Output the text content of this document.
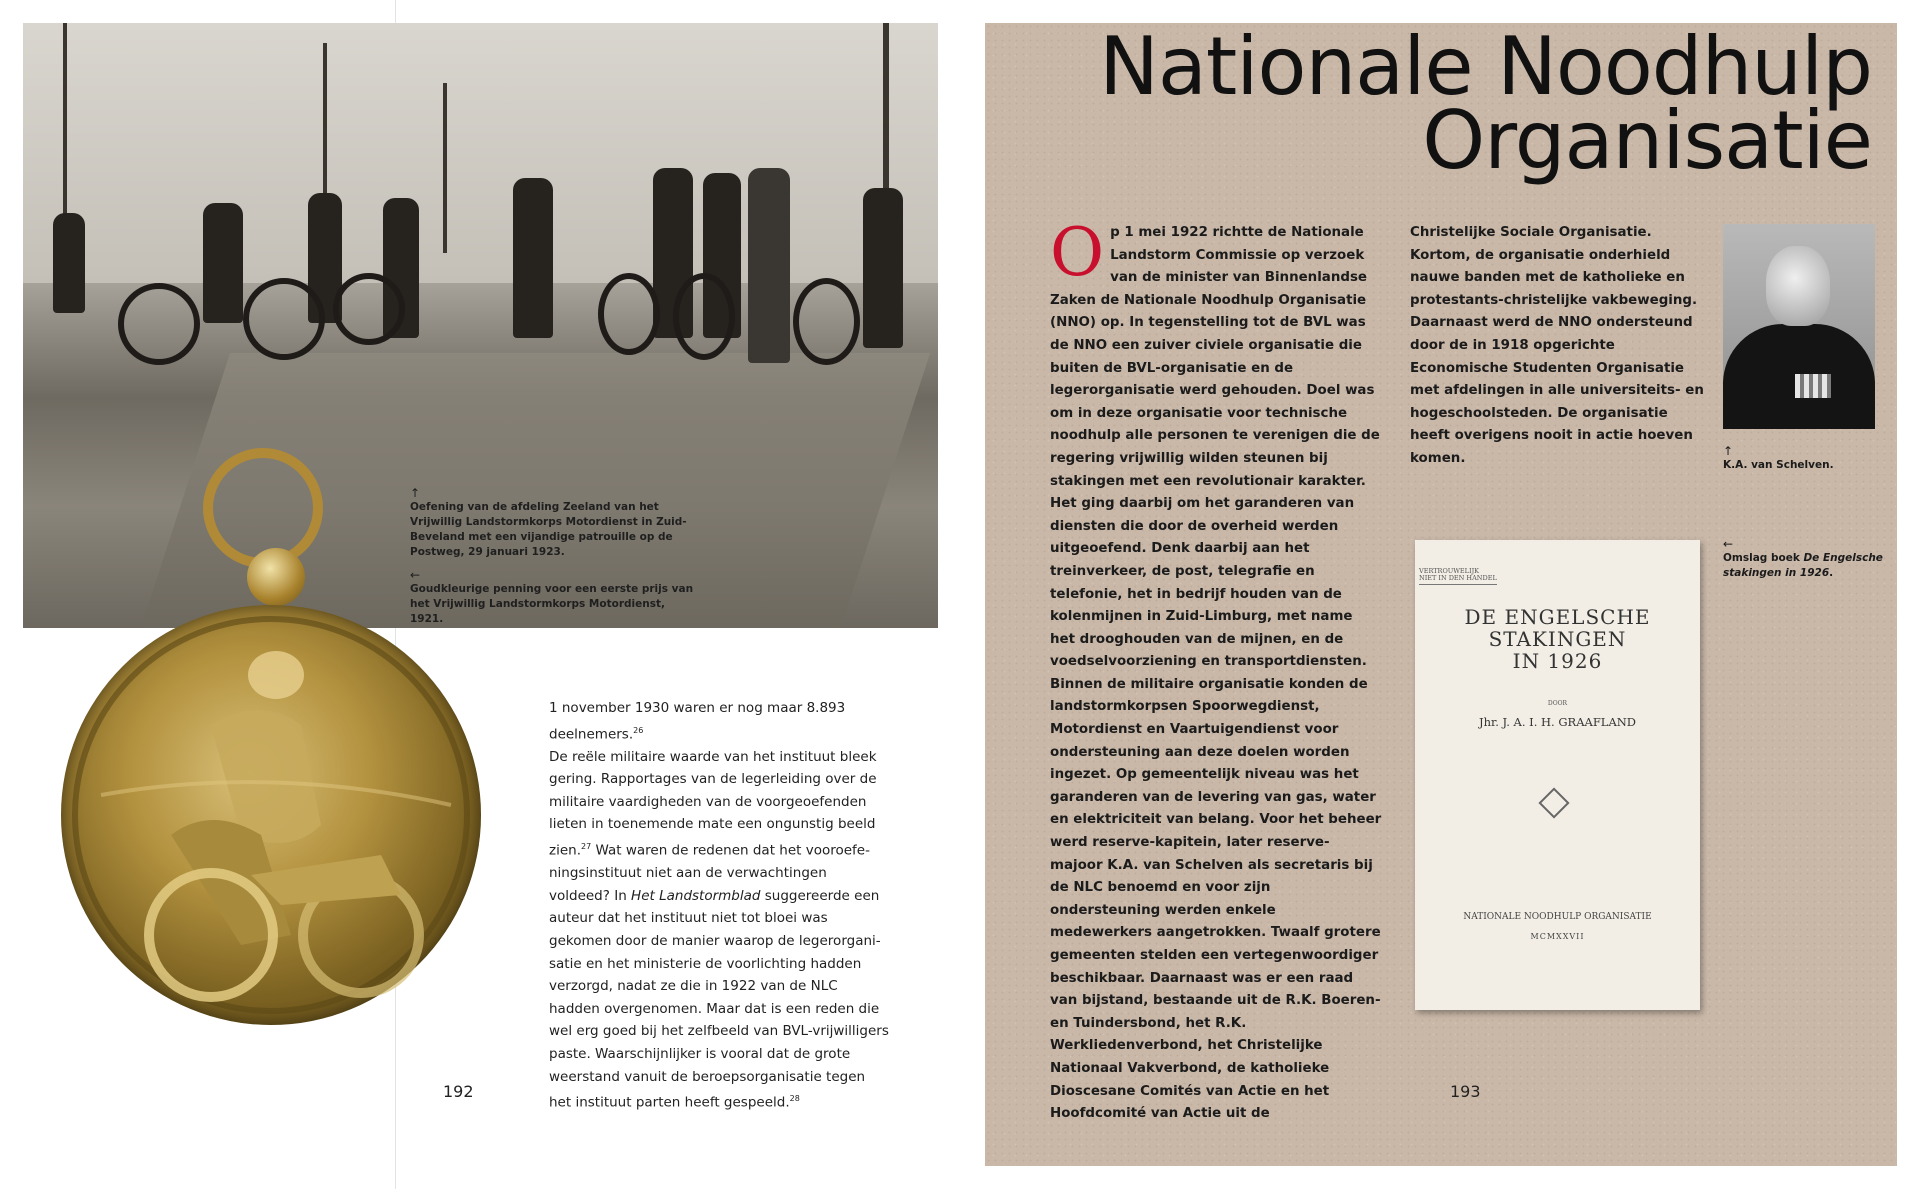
↑
Oefening van de afdeling Zeeland van het Vrijwillig Landstormkorps Motordienst in Zuid-Beveland met een vijandige patrouille op de Postweg, 29 januari 1923.
←
Goudkleurige penning voor een eerste prijs van het Vrijwillig Landstormkorps Motordienst, 1921.

1 november 1930 waren er nog maar 8.893 deelnemers.$^{26}$

De reële militaire waarde van het instituut bleek gering. Rapportages van de legerleiding over de militaire vaardigheden van de voorgeoefenden lieten in toenemende mate een ongunstig beeld zien.$^{27}$ Wat waren de redenen dat het vooroefe-ningsinstituut niet aan de verwachtingen voldeed? In Het Landstormblad suggereerde een auteur dat het instituut niet tot bloei was gekomen door de manier waarop de legerorgani-satie en het ministerie de voorlichting hadden verzorgd, nadat ze die in 1922 van de NLC hadden overgenomen. Maar dat is een reden die wel erg goed bij het zelfbeeld van BVL-vrijwilligers paste. Waarschijnlijker is vooral dat de grote weerstand vanuit de beroepsorganisatie tegen het instituut parten heeft gespeeld.$^{28}$

192
Nationale Noodhulp
Organisatie

Op 1 mei 1922 richtte de Nationale Landstorm Commissie op verzoek van de minister van Binnenlandse Zaken de Nationale Noodhulp Organisatie (NNO) op. In tegenstelling tot de BVL was de NNO een zuiver civiele organisatie die buiten de BVL-organisatie en de legerorganisatie werd gehouden. Doel was om in deze organisatie voor technische noodhulp alle personen te verenigen die de regering vrijwillig wilden steunen bij stakingen met een revolutionair karakter. Het ging daarbij om het garanderen van diensten die door de overheid werden uitgeoefend. Denk daarbij aan het treinverkeer, de post, telegrafie en telefonie, het in bedrijf houden van de kolenmijnen in Zuid-Limburg, met name het drooghouden van de mijnen, en de voedselvoorziening en transportdiensten. Binnen de militaire organisatie konden de landstormkorpsen Spoorwegdienst, Motordienst en Vaartuigendienst voor ondersteuning aan deze doelen worden ingezet. Op gemeentelijk niveau was het garanderen van de levering van gas, water en elektriciteit van belang. Voor het beheer werd reserve-kapitein, later reserve-majoor K.A. van Schelven als secretaris bij de NLC benoemd en voor zijn ondersteuning werden enkele medewerkers aangetrokken. Twaalf grotere gemeenten stelden een vertegenwoordiger beschikbaar. Daarnaast was er een raad van bijstand, bestaande uit de R.K. Boeren- en Tuindersbond, het R.K. Werkliedenverbond, het Christelijke Nationaal Vakverbond, de katholieke Dioscesane Comités van Actie en het Hoofdcomité van Actie uit de

Christelijke Sociale Organisatie. Kortom, de organisatie onderhield nauwe banden met de katholieke en protestants-christelijke vakbeweging. Daarnaast werd de NNO ondersteund door de in 1918 opgerichte Economische Studenten Organisatie met afdelingen in alle universiteits- en hogeschoolsteden. De organisatie heeft overigens nooit in actie hoeven komen.	↑
K.A. van Schelven.
←
Omslag boek De Engelsche stakingen in 1926.
VERTROUWELIJK
NIET IN DEN HANDEL
DE ENGELSCHE
STAKINGEN
IN 1926
DOOR
Jhr. J. A. I. H. GRAAFLAND
NATIONALE NOODHULP ORGANISATIE
MCMXXVII
193
